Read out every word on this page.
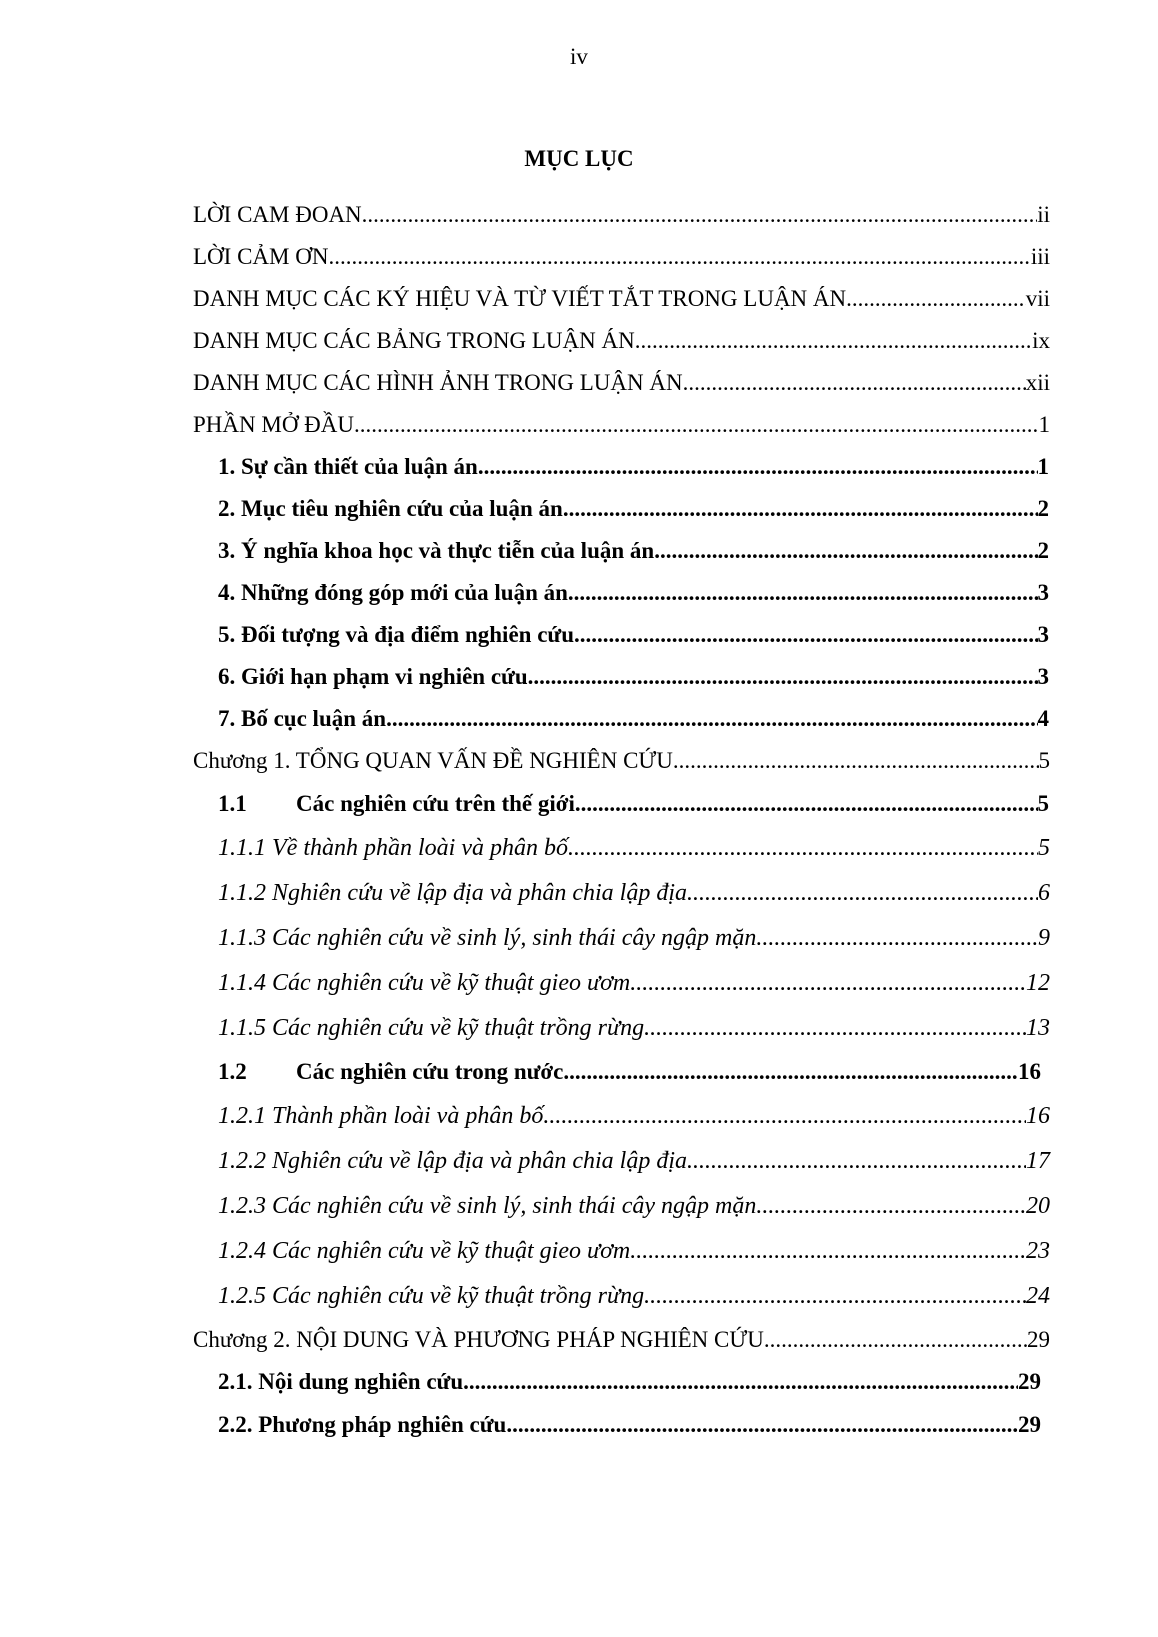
iv
MỤC LỤC
LỜI CAM ĐOAN .....	ii
LỜI CẢM ƠN .....	iii
DANH MỤC CÁC KÝ HIỆU VÀ TỪ VIẾT TẮT TRONG LUẬN ÁN .....	vii
DANH MỤC CÁC BẢNG TRONG LUẬN ÁN .....	ix
DANH MỤC CÁC HÌNH ẢNH TRONG LUẬN ÁN .....	xii
PHẦN MỞ ĐẦU .....	1
1. Sự cần thiết của luận án .....	1
2. Mục tiêu nghiên cứu của luận án .....	2
3. Ý nghĩa khoa học và thực tiễn của luận án .....	2
4. Những đóng góp mới của luận án .....	3
5. Đối tượng và địa điểm nghiên cứu .....	3
6. Giới hạn phạm vi nghiên cứu .....	3
7. Bố cục luận án .....	4
Chương 1. TỔNG QUAN VẤN ĐỀ NGHIÊN CỨU .....	5
1.1 Các nghiên cứu trên thế giới .....	5
1.1.1 Về thành phần loài và phân bố .....	5
1.1.2 Nghiên cứu về lập địa và phân chia lập địa .....	6
1.1.3 Các nghiên cứu về sinh lý, sinh thái cây ngập mặn .....	9
1.1.4 Các nghiên cứu về kỹ thuật gieo ươm .....	12
1.1.5 Các nghiên cứu về kỹ thuật trồng rừng .....	13
1.2 Các nghiên cứu trong nước .....	16
1.2.1 Thành phần loài và phân bố .....	16
1.2.2 Nghiên cứu về lập địa và phân chia lập địa .....	17
1.2.3 Các nghiên cứu về sinh lý, sinh thái cây ngập mặn .....	20
1.2.4 Các nghiên cứu về kỹ thuật gieo ươm .....	23
1.2.5 Các nghiên cứu về kỹ thuật trồng rừng .....	24
Chương 2. NỘI DUNG VÀ PHƯƠNG PHÁP NGHIÊN CỨU .....	29
2.1. Nội dung nghiên cứu .....	29
2.2. Phương pháp nghiên cứu .....	29
